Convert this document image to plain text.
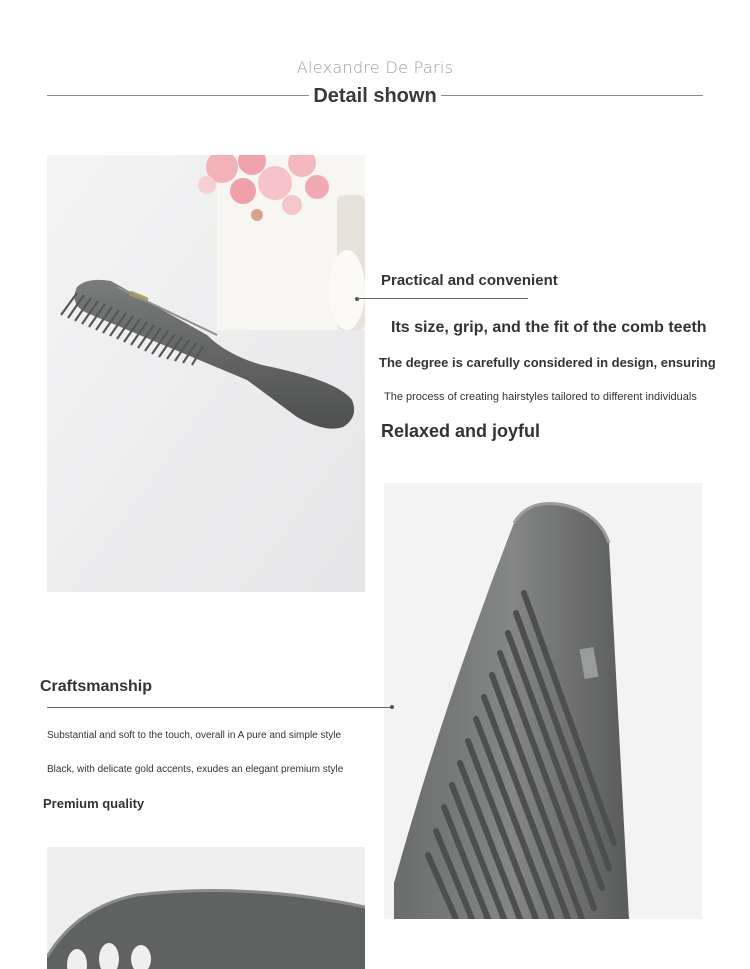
Alexandre De Paris
Detail shown
Practical and convenient
Its size, grip, and the fit of the comb teeth
The degree is carefully considered in design, ensuring
The process of creating hairstyles tailored to different individuals
Relaxed and joyful
Craftsmanship
Substantial and soft to the touch, overall in A pure and simple style
Black, with delicate gold accents, exudes an elegant premium style
Premium quality
